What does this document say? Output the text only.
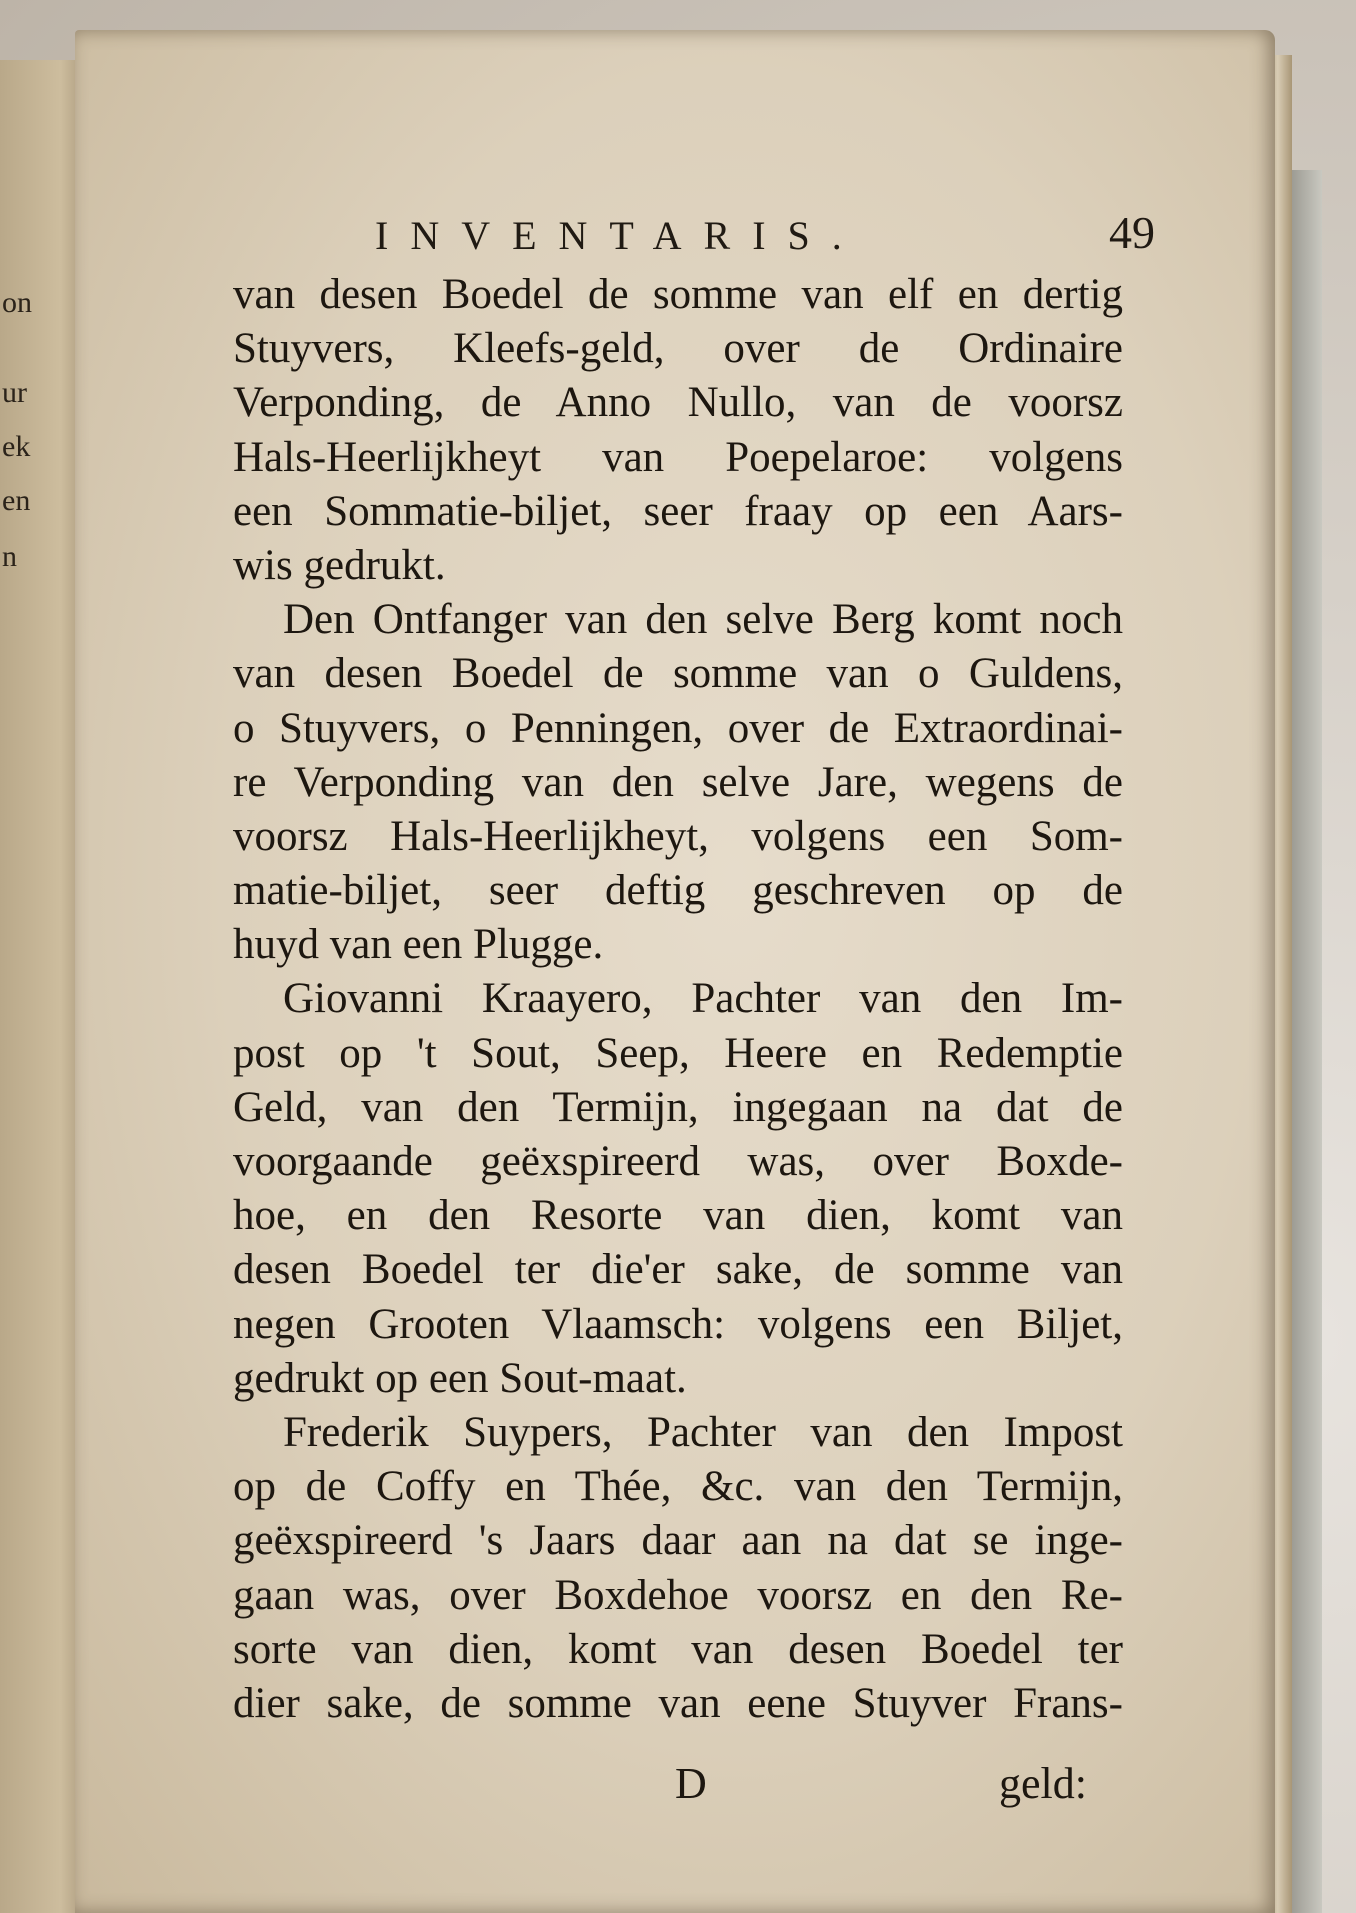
on
ur
ek
en
n
INVENTARIS.	49
van desen Boedel de somme van elf en dertig
Stuyvers, Kleefs-geld, over de Ordinaire
Verponding, de Anno Nullo, van de voorsz
Hals-Heerlijkheyt van Poepelaroe: volgens
een Sommatie-biljet, seer fraay op een Aars-
wis gedrukt.
Den Ontfanger van den selve Berg komt noch
van desen Boedel de somme van o Guldens,
o Stuyvers, o Penningen, over de Extraordinai-
re Verponding van den selve Jare, wegens de
voorsz Hals-Heerlijkheyt, volgens een Som-
matie-biljet, seer deftig geschreven op de
huyd van een Plugge.
Giovanni Kraayero, Pachter van den Im-
post op 't Sout, Seep, Heere en Redemptie
Geld, van den Termijn, ingegaan na dat de
voorgaande geëxspireerd was, over Boxde-
hoe, en den Resorte van dien, komt van
desen Boedel ter die'er sake, de somme van
negen Grooten Vlaamsch: volgens een Biljet,
gedrukt op een Sout-maat.
Frederik Suypers, Pachter van den Impost
op de Coffy en Thée, &c. van den Termijn,
geëxspireerd 's Jaars daar aan na dat se inge-
gaan was, over Boxdehoe voorsz en den Re-
sorte van dien, komt van desen Boedel ter
dier sake, de somme van eene Stuyver Frans-
D	geld:
